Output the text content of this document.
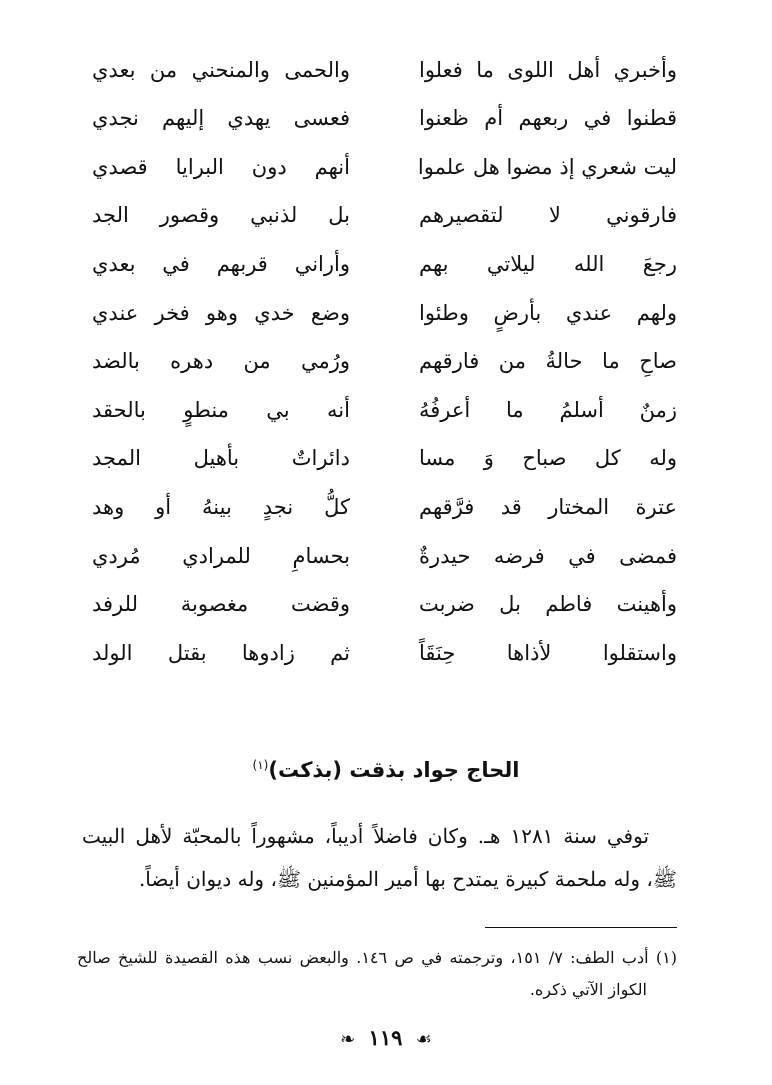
وأخبري أهل اللوى ما فعلوا
والحمى والمنحني من بعدي
قطنوا في ربعهم أم ظعنوا
فعسى يهدي إليهم نجدي
ليت شعري إذ مضوا هل علموا
أنهم دون البرايا قصدي
فارقوني لا لتقصيرهم
بل لذنبي وقصور الجد
رجعَ الله ليلاتي بهم
وأراني قربهم في بعدي
ولهم عندي بأرضٍ وطئوا
وضع خدي وهو فخر عندي
صاحِ ما حالةُ من فارقهم
ورُمي من دهره بالضد
زمنٌ أسلمُ ما أعرفُهُ
أنه بي منطوٍ بالحقد
وله كل صباح وَ مسا
دائراتٌ بأهيل المجد
عترة المختار قد فرَّقهم
كلُّ نجدٍ بينهُ أو وهد
فمضى في فرضه حيدرةٌ
بحسامِ للمرادي مُردي
وأهينت فاطم بل ضربت
وقضت مغصوبة للرفد
واستقلوا لأذاها حِنَقَاً
ثم زادوها بقتل الولد
الحاج جواد بذقت (بذكت)$^{(١)}$
توفي سنة ١٢٨١ هـ. وكان فاضلاً أديباً، مشهوراً بالمحبّة لأهل البيت
ﷺ، وله ملحمة كبيرة يمتدح بها أمير المؤمنين ﷺ، وله ديوان أيضاً.
(١) أدب الطف: ٧/ ١٥١، وترجمته في ص ١٤٦. والبعض نسب هذه القصيدة للشيخ صالح
الكواز الآتي ذكره.
❧ ١١٩ ☙
